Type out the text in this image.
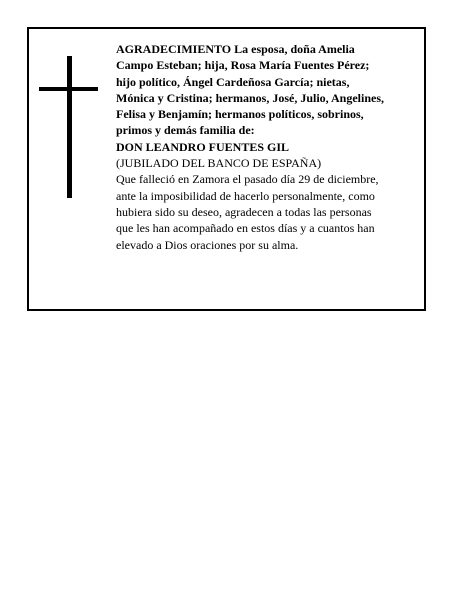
AGRADECIMIENTO La esposa, doña Amelia
Campo Esteban; hija, Rosa María Fuentes Pérez;
hijo político, Ángel Cardeñosa García; nietas,
Mónica y Cristina; hermanos, José, Julio, Angelines,
Felisa y Benjamín; hermanos políticos, sobrinos,
primos y demás familia de:
DON LEANDRO FUENTES GIL
(JUBILADO DEL BANCO DE ESPAÑA)
Que falleció en Zamora el pasado día 29 de diciembre,
ante la imposibilidad de hacerlo personalmente, como
hubiera sido su deseo, agradecen a todas las personas
que les han acompañado en estos días y a cuantos han
elevado a Dios oraciones por su alma.
